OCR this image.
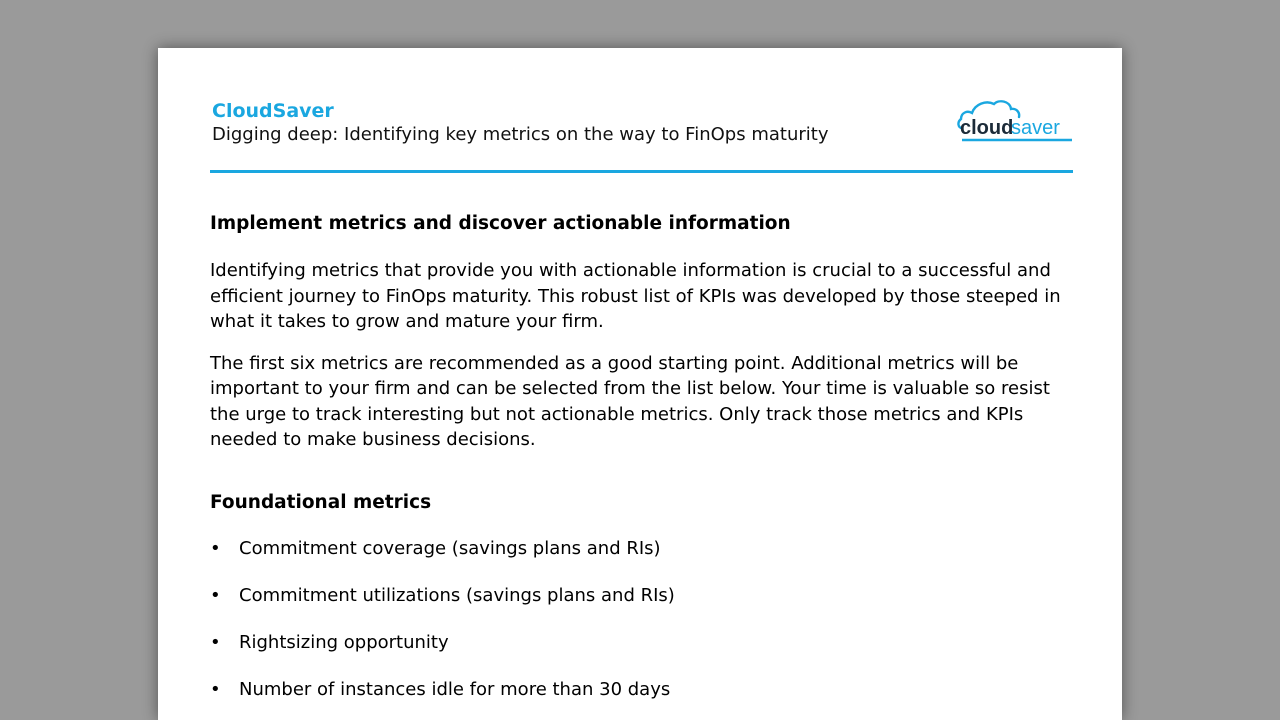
CloudSaver

Digging deep: Identifying key metrics on the way to FinOps maturity	cloud
saver

Implement metrics and discover actionable information

Identifying metrics that provide you with actionable information is crucial to a successful and efficient journey to FinOps maturity. This robust list of KPIs was developed by those steeped in what it takes to grow and mature your firm.

The first six metrics are recommended as a good starting point. Additional metrics will be important to your firm and can be selected from the list below. Your time is valuable so resist the urge to track interesting but not actionable metrics. Only track those metrics and KPIs needed to make business decisions.

Foundational metrics

• Commitment coverage (savings plans and RIs)
• Commitment utilizations (savings plans and RIs)
• Rightsizing opportunity
• Number of instances idle for more than 30 days
